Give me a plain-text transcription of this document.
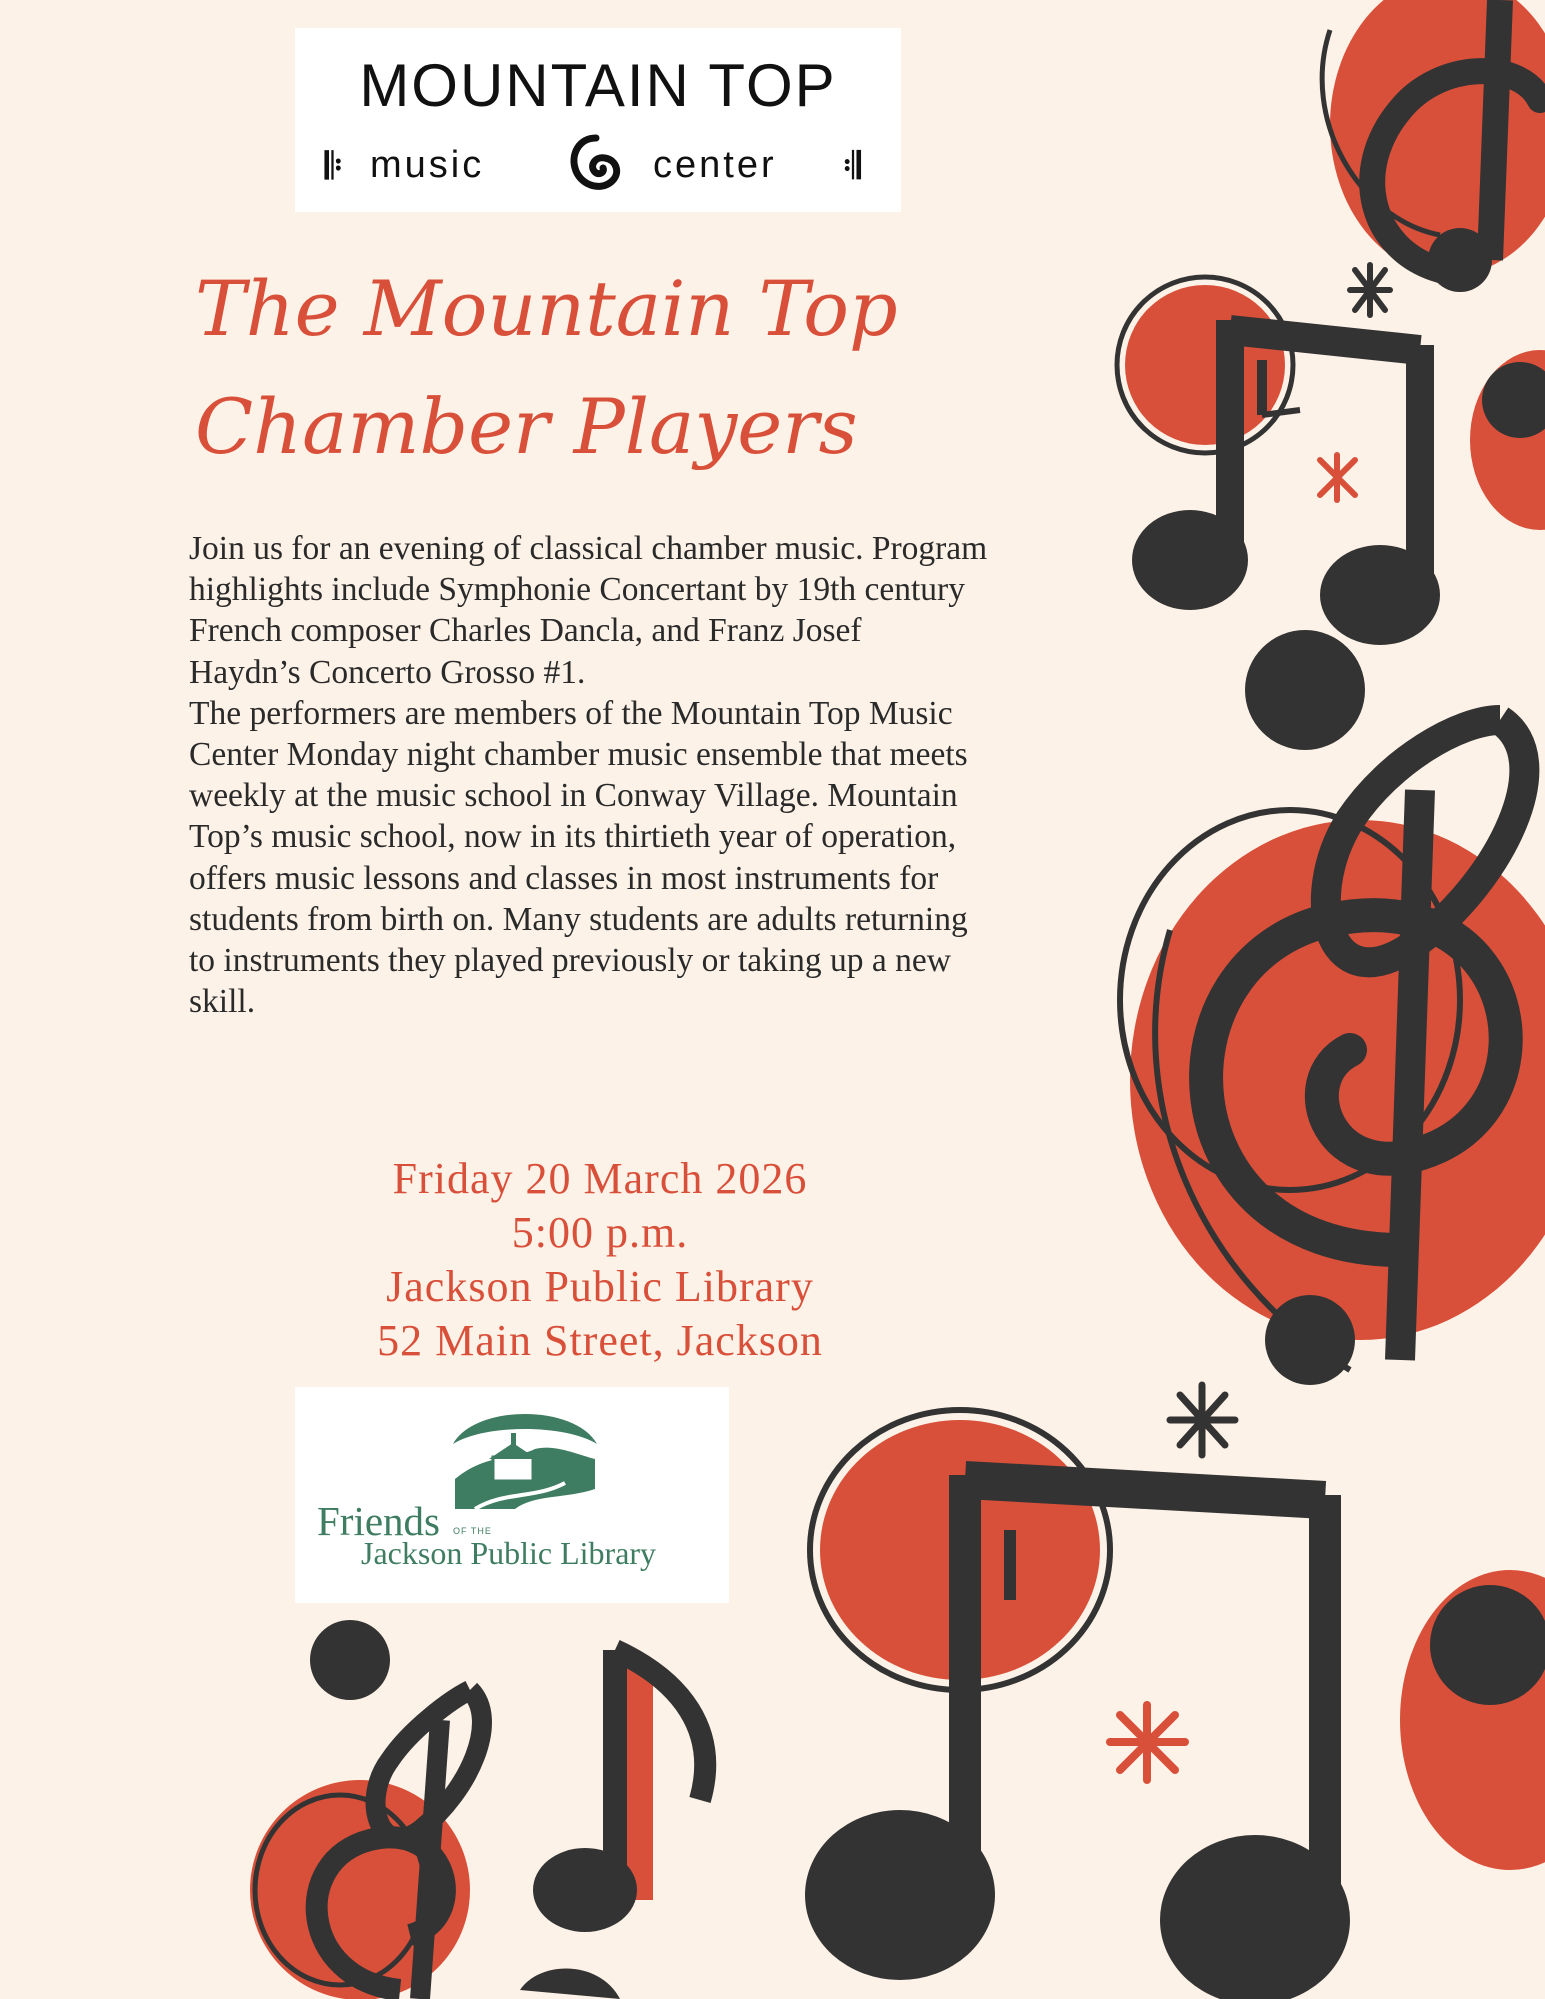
MOUNTAIN TOP
𝄆 music	center 𝄇
The Mountain Top
Chamber Players
Join us for an evening of classical chamber music. Program
highlights include Symphonie Concertant by 19th century
French composer Charles Dancla, and Franz Josef
Haydn’s Concerto Grosso #1.
The performers are members of the Mountain Top Music
Center Monday night chamber music ensemble that meets
weekly at the music school in Conway Village. Mountain
Top’s music school, now in its thirtieth year of operation,
offers music lessons and classes in most instruments for
students from birth on. Many students are adults returning
to instruments they played previously or taking up a new
skill.
Friday 20 March 2026
5:00 p.m.
Jackson Public Library
52 Main Street, Jackson
Friends OF THE
Jackson Public Library
